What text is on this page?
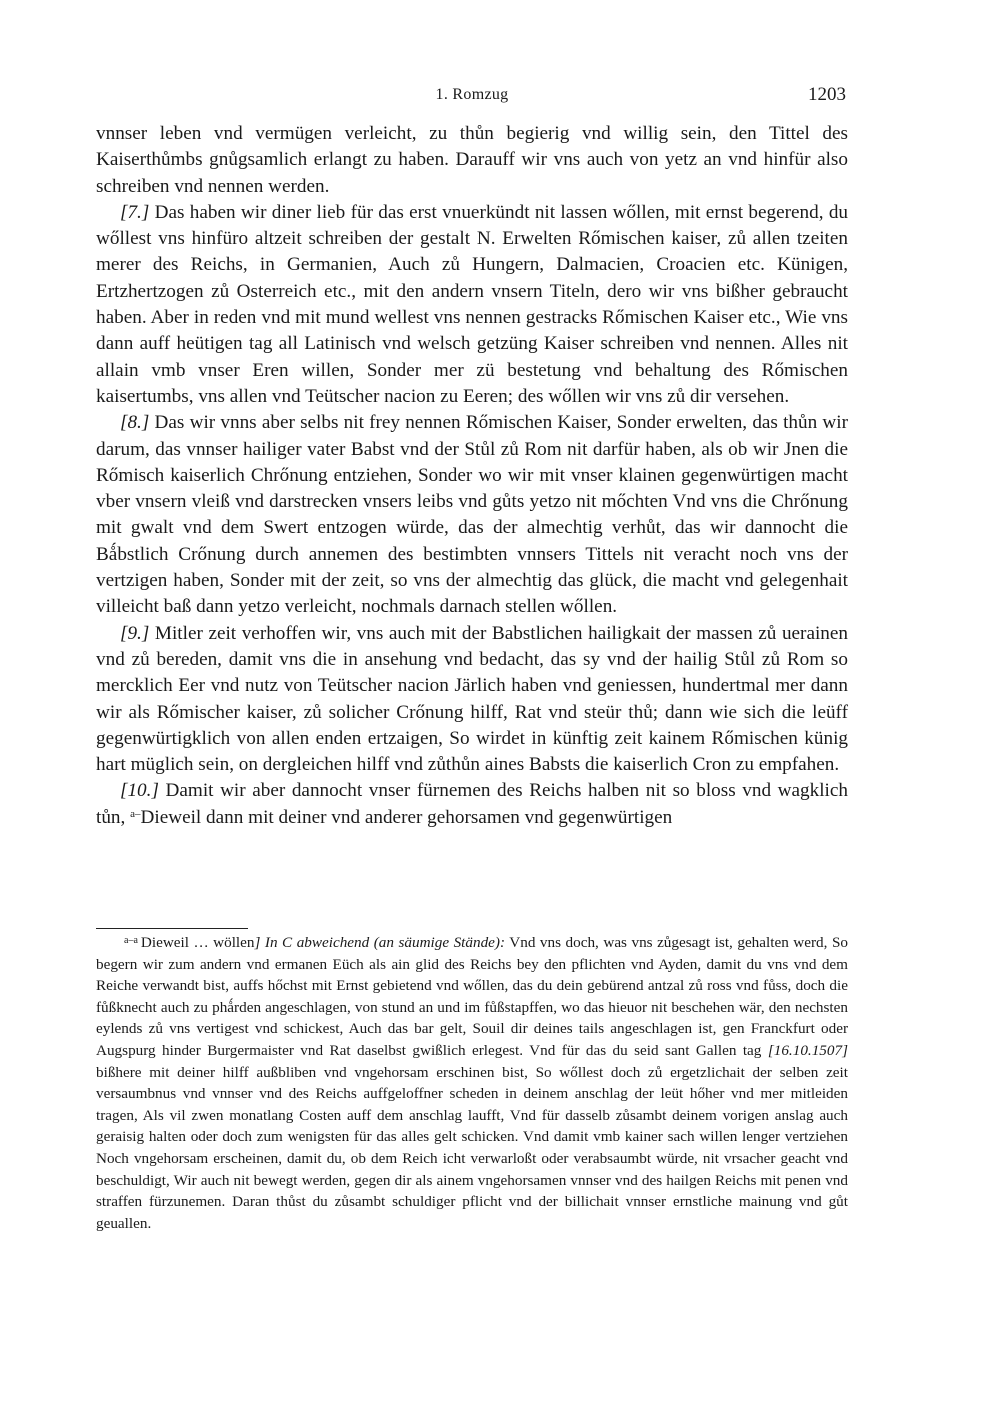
1. Romzug	1203

vnnser leben vnd vermügen verleicht, zu thůn begierig vnd willig sein, den Tittel des Kaiserthůmbs gnůgsamlich erlangt zu haben. Darauff wir vns auch von yetz an vnd hinfür also schreiben vnd nennen werden.

[7.] Das haben wir diner lieb für das erst vnuerkündt nit lassen wőllen, mit ernst begerend, du wőllest vns hinfüro altzeit schreiben der gestalt N. Erwelten Rőmischen kaiser, zů allen tzeiten merer des Reichs, in Germanien, Auch zů Hungern, Dalmacien, Croacien etc. Künigen, Ertzhertzogen zů Osterreich etc., mit den andern vnsern Titeln, dero wir vns bißher gebraucht haben. Aber in reden vnd mit mund wellest vns nennen gestracks Rőmischen Kaiser etc., Wie vns dann auff heütigen tag all Latinisch vnd welsch getzüng Kaiser schreiben vnd nennen. Alles nit allain vmb vnser Eren willen, Sonder mer zü bestetung vnd behaltung des Rőmischen kaisertumbs, vns allen vnd Teütscher nacion zu Eeren; des wőllen wir vns zů dir versehen.

[8.] Das wir vnns aber selbs nit frey nennen Rőmischen Kaiser, Sonder erwelten, das thůn wir darum, das vnnser hailiger vater Babst vnd der Stůl zů Rom nit darfür haben, als ob wir Jnen die Rőmisch kaiserlich Chrőnung entziehen, Sonder wo wir mit vnser klainen gegenwürtigen macht vber vnsern vleiß vnd darstrecken vnsers leibs vnd gůts yetzo nit mőchten Vnd vns die Chrőnung mit gwalt vnd dem Swert entzogen würde, das der almechtig verhůt, das wir dannocht die Bǻbstlich Crőnung durch annemen des bestimbten vnnsers Tittels nit veracht noch vns der vertzigen haben, Sonder mit der zeit, so vns der almechtig das glück, die macht vnd gelegenhait villeicht baß dann yetzo verleicht, nochmals darnach stellen wőllen.

[9.] Mitler zeit verhoffen wir, vns auch mit der Babstlichen hailigkait der massen zů uerainen vnd zů bereden, damit vns die in ansehung vnd bedacht, das sy vnd der hailig Stůl zů Rom so mercklich Eer vnd nutz von Teütscher nacion Järlich haben vnd geniessen, hundertmal mer dann wir als Rőmischer kaiser, zů solicher Crőnung hilff, Rat vnd steür thů; dann wie sich die leüff gegenwürtigklich von allen enden ertzaigen, So wirdet in künftig zeit kainem Rőmischen künig hart müglich sein, on dergleichen hilff vnd zůthůn aines Babsts die kaiserlich Cron zu empfahen.

[10.] Damit wir aber dannocht vnser fürnemen des Reichs halben nit so bloss vnd wagklich tůn, $^{a-}$Dieweil dann mit deiner vnd anderer gehorsamen vnd gegenwürtigen

$^{a-a}$ Dieweil … wöllen] In C abweichend (an säumige Stände): Vnd vns doch, was vns zůgesagt ist, gehalten werd, So begern wir zum andern vnd ermanen Eüch als ain glid des Reichs bey den pflichten vnd Ayden, damit du vns vnd dem Reiche verwandt bist, auffs hőchst mit Ernst gebietend vnd wőllen, das du dein gebürend antzal zů ross vnd fůss, doch die fůßknecht auch zu phǻrden angeschlagen, von stund an und im fůßstapffen, wo das hieuor nit beschehen wär, den nechsten eylends zů vns vertigest vnd schickest, Auch das bar gelt, Souil dir deines tails angeschlagen ist, gen Franckfurt oder Augspurg hinder Burgermaister vnd Rat daselbst gwißlich erlegest. Vnd für das du seid sant Gallen tag [16.10.1507] bißhere mit deiner hilff außbliben vnd vngehorsam erschinen bist, So wőllest doch zů ergetzlichait der selben zeit versaumbnus vnd vnnser vnd des Reichs auffgeloffner scheden in deinem anschlag der leüt hőher vnd mer mitleiden tragen, Als vil zwen monatlang Costen auff dem anschlag laufft, Vnd für dasselb zůsambt deinem vorigen anslag auch geraisig halten oder doch zum wenigsten für das alles gelt schicken. Vnd damit vmb kainer sach willen lenger vertziehen Noch vngehorsam erscheinen, damit du, ob dem Reich icht verwarloßt oder verabsaumbt würde, nit vrsacher geacht vnd beschuldigt, Wir auch nit bewegt werden, gegen dir als ainem vngehorsamen vnnser vnd des hailgen Reichs mit penen vnd straffen fürzunemen. Daran thůst du zůsambt schuldiger pflicht vnd der billichait vnnser ernstliche mainung vnd gůt geuallen.
